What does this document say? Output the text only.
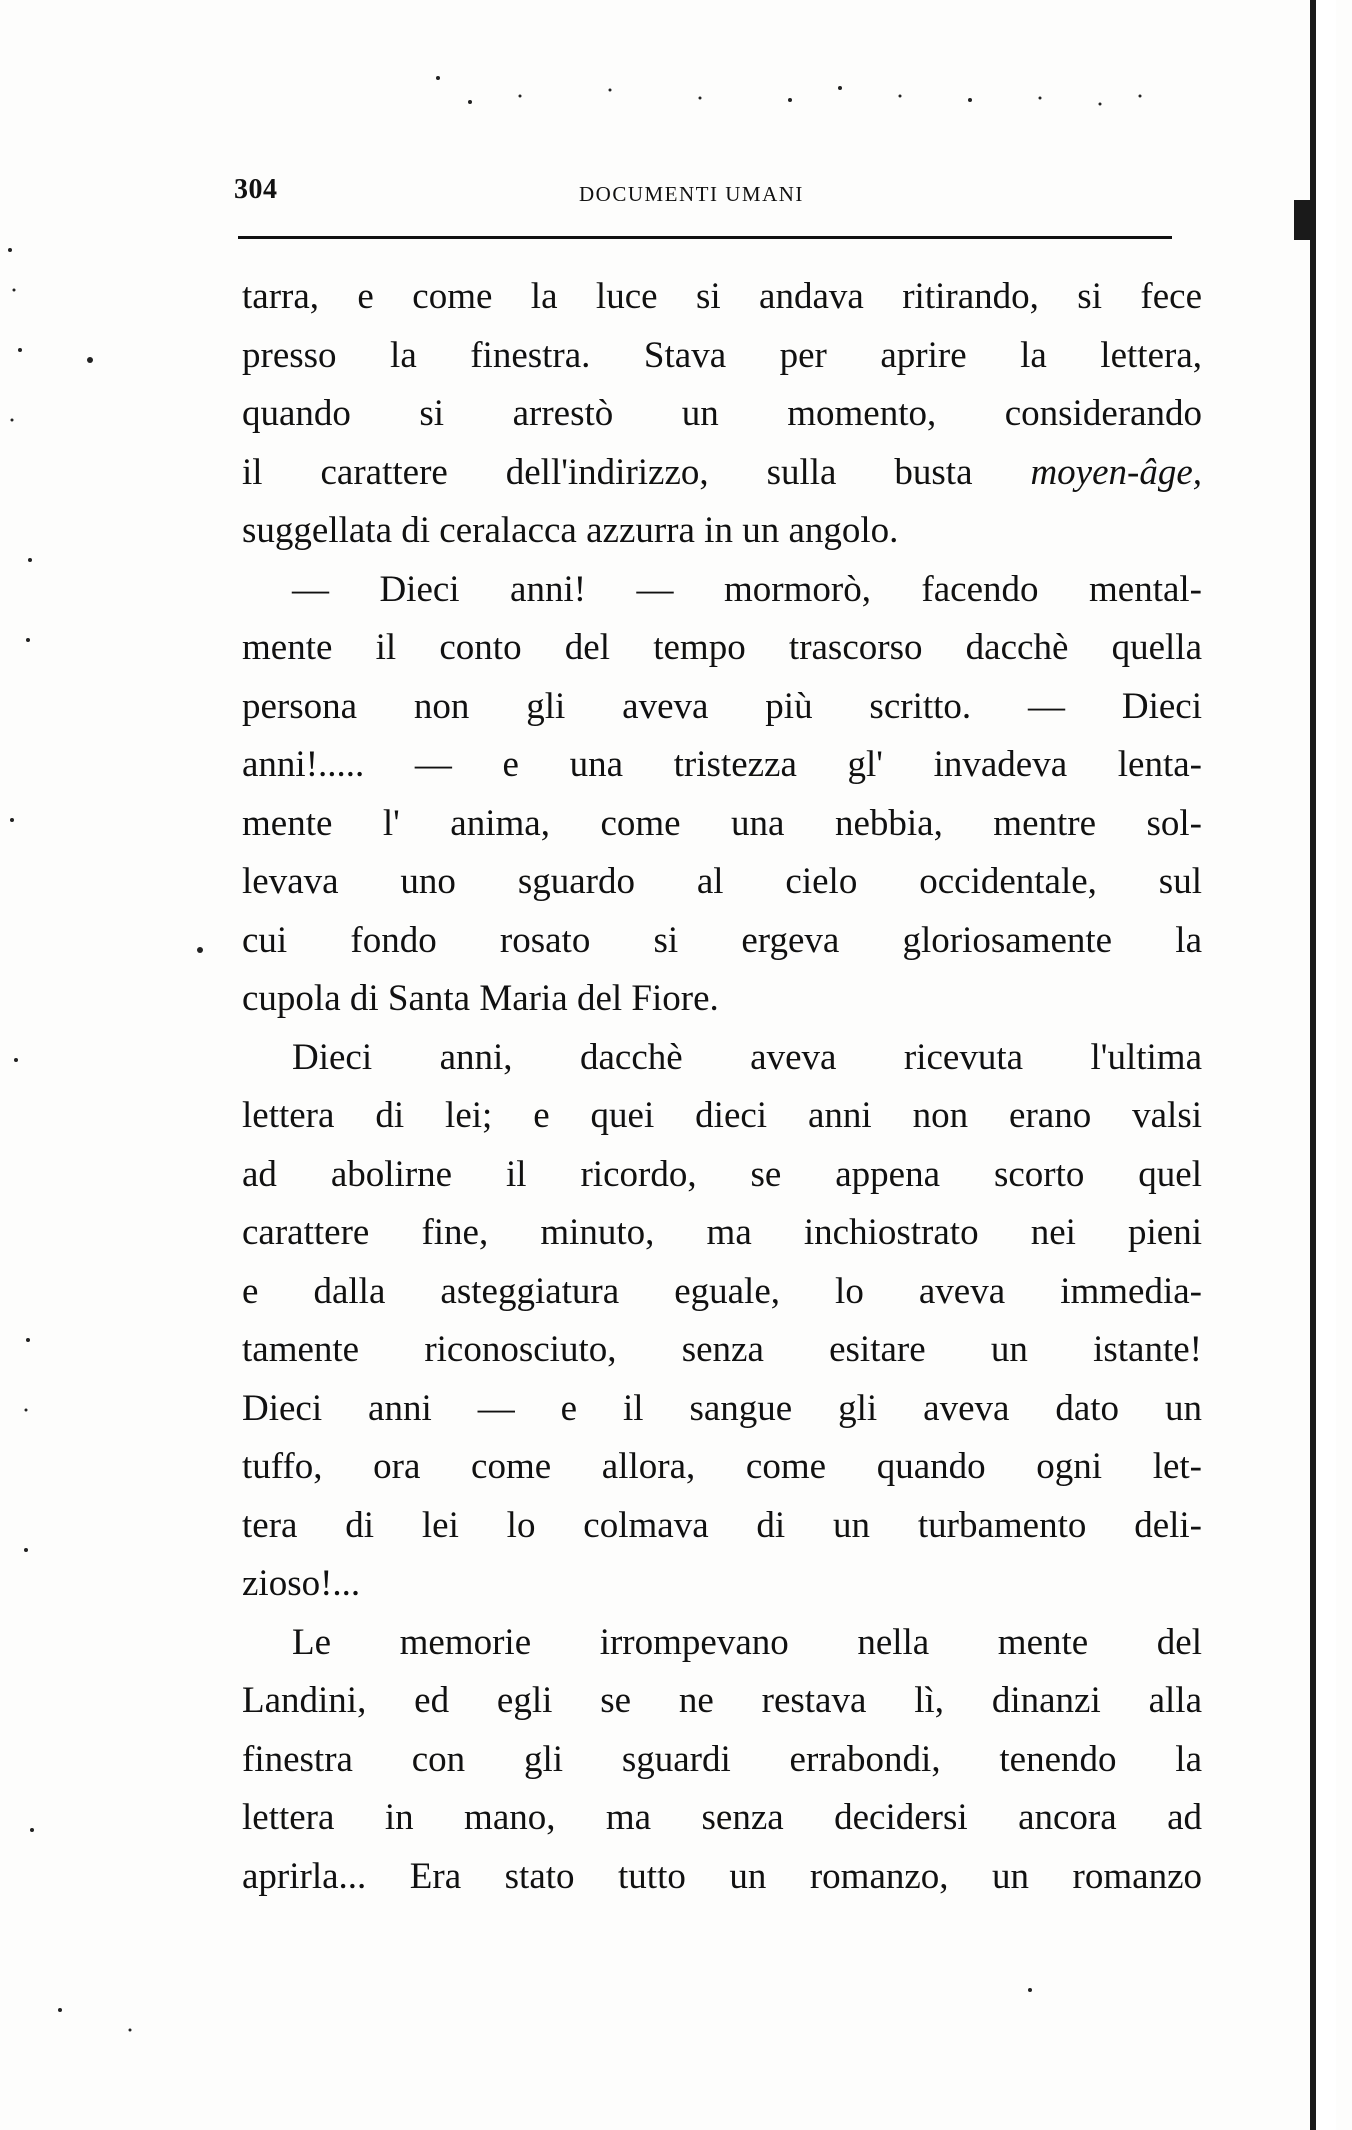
304	DOCUMENTI UMANI
tarra, e come la luce si andava ritirando, si fece
presso la finestra. Stava per aprire la lettera,
quando si arrestò un momento, considerando
il carattere dell'indirizzo, sulla busta moyen-âge,
suggellata di ceralacca azzurra in un angolo.
— Dieci anni! — mormorò, facendo mental-
mente il conto del tempo trascorso dacchè quella
persona non gli aveva più scritto. — Dieci
anni!..... — e una tristezza gl' invadeva lenta-
mente l' anima, come una nebbia, mentre sol-
levava uno sguardo al cielo occidentale, sul
cui fondo rosato si ergeva gloriosamente la
cupola di Santa Maria del Fiore.
Dieci anni, dacchè aveva ricevuta l'ultima
lettera di lei; e quei dieci anni non erano valsi
ad abolirne il ricordo, se appena scorto quel
carattere fine, minuto, ma inchiostrato nei pieni
e dalla asteggiatura eguale, lo aveva immedia-
tamente riconosciuto, senza esitare un istante!
Dieci anni — e il sangue gli aveva dato un
tuffo, ora come allora, come quando ogni let-
tera di lei lo colmava di un turbamento deli-
zioso!...
Le memorie irrompevano nella mente del
Landini, ed egli se ne restava lì, dinanzi alla
finestra con gli sguardi errabondi, tenendo la
lettera in mano, ma senza decidersi ancora ad
aprirla... Era stato tutto un romanzo, un romanzo
